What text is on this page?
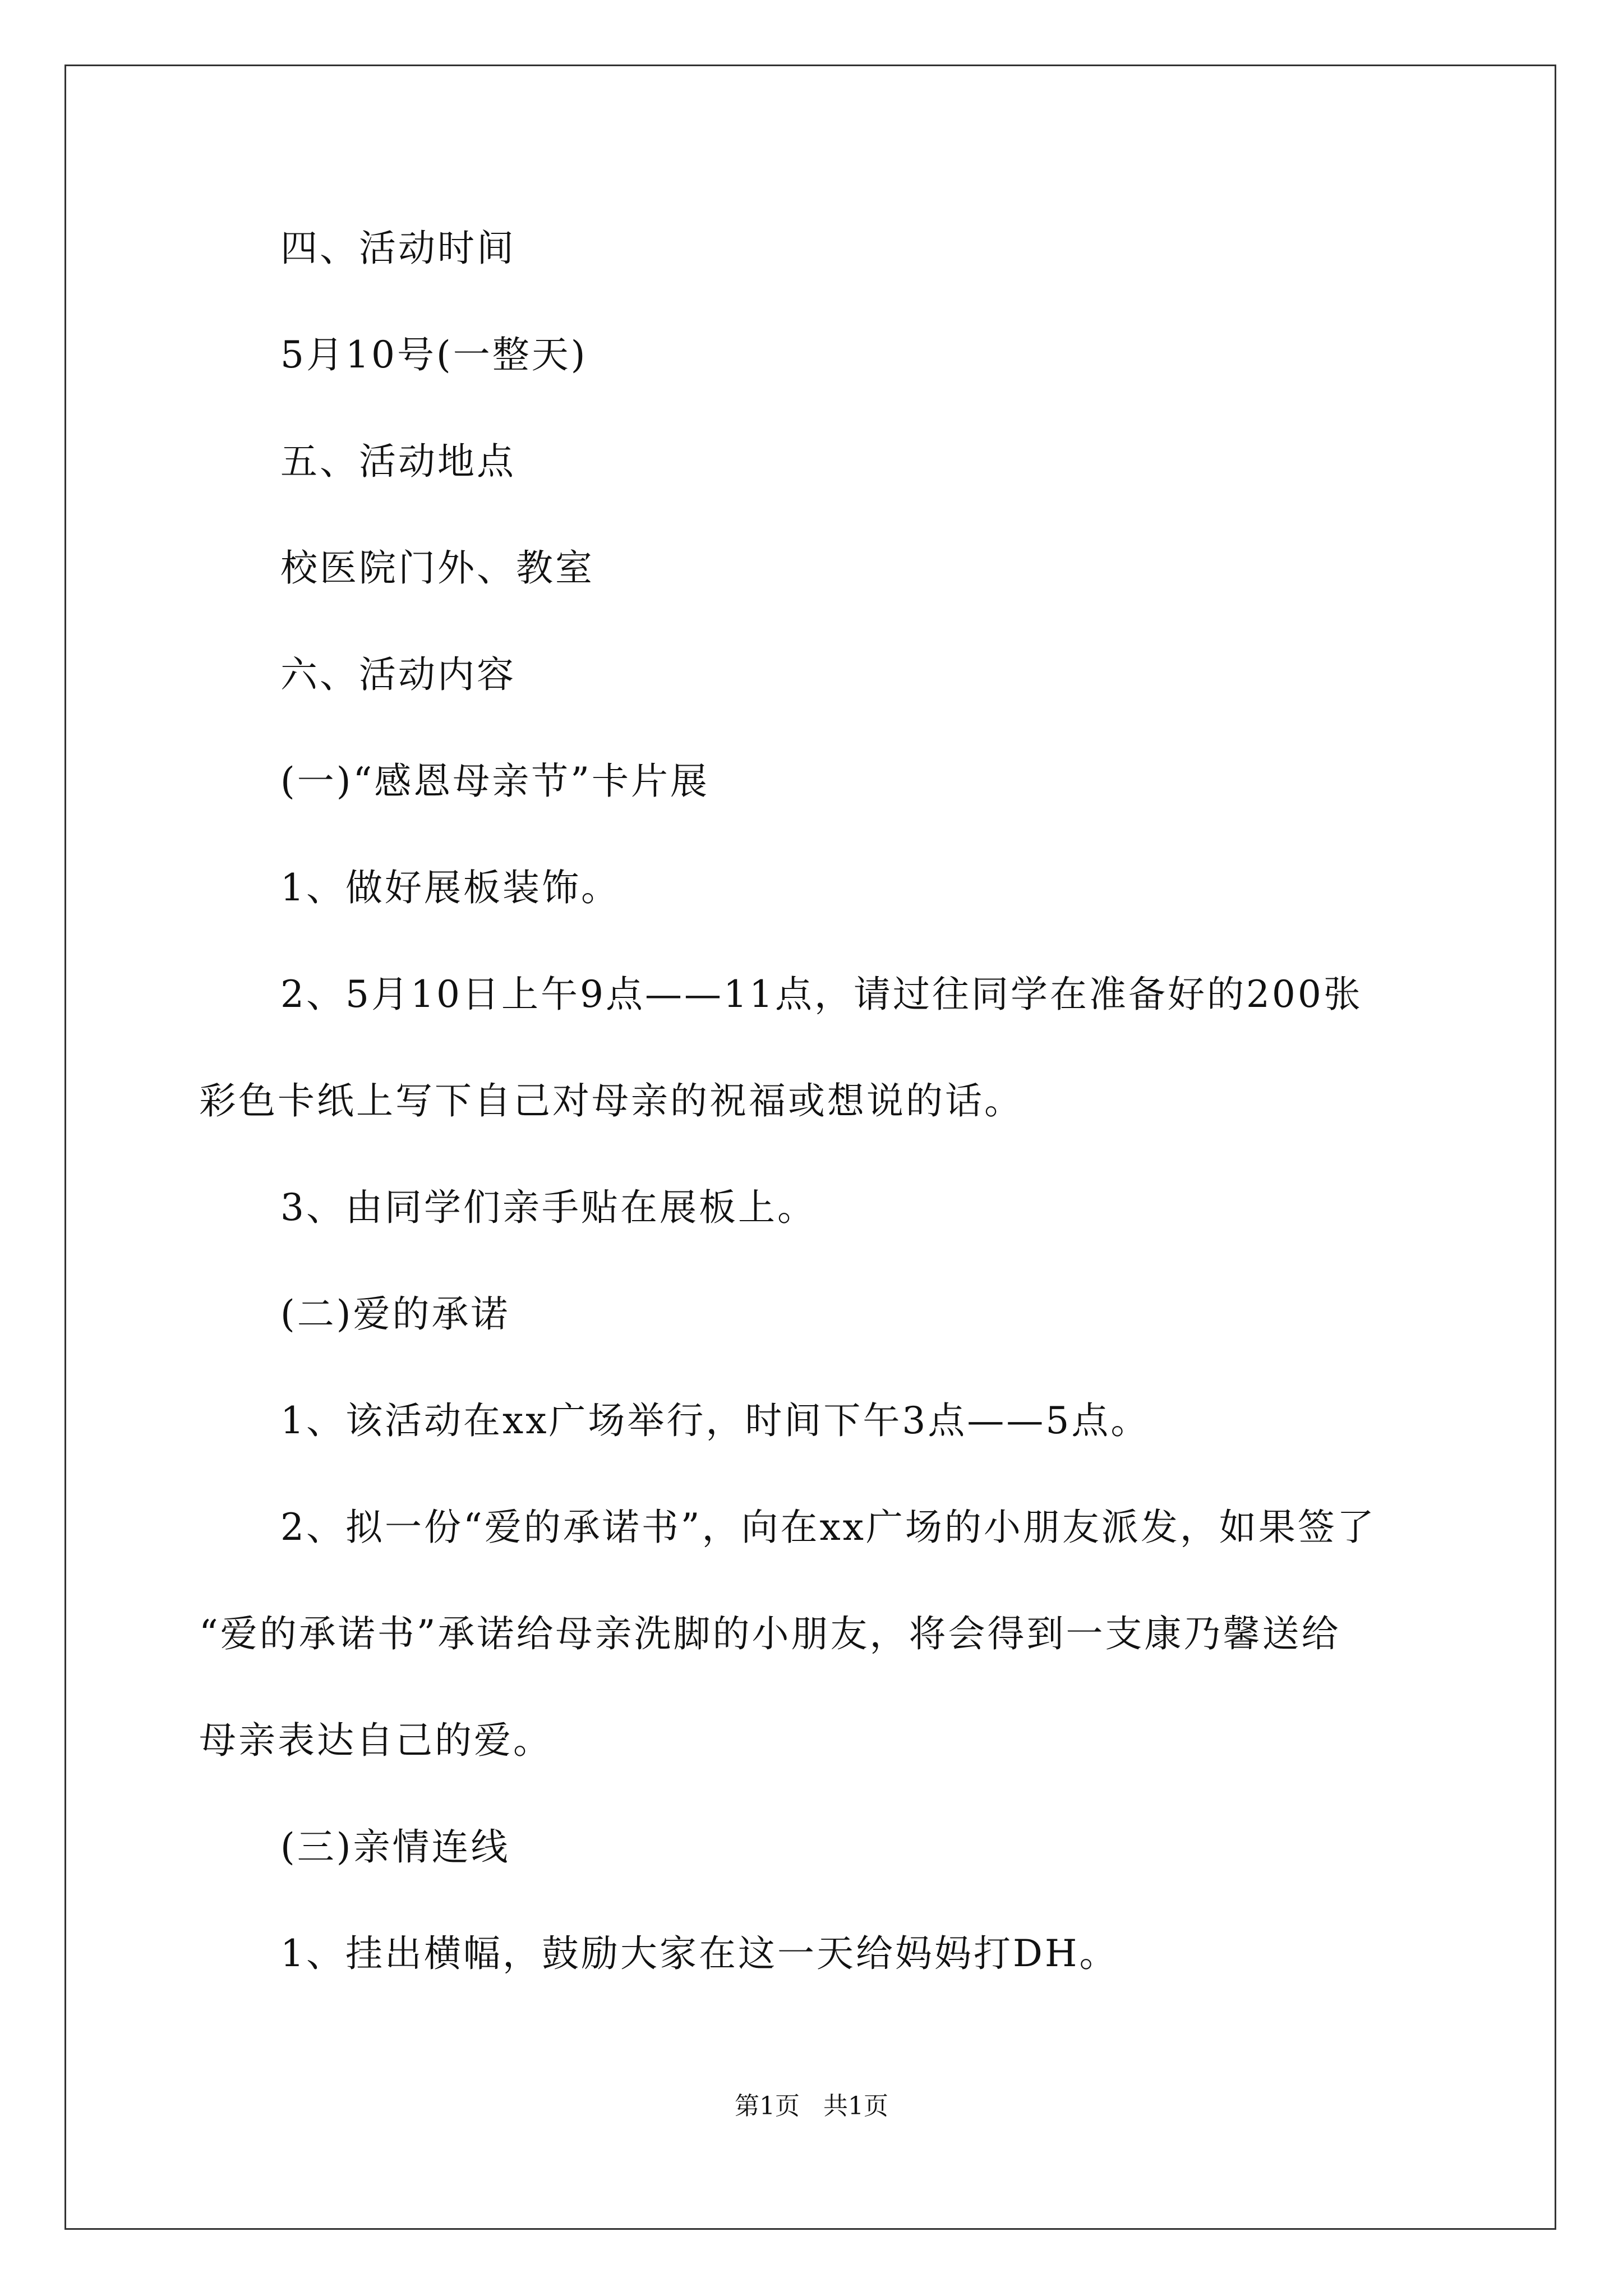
四、活动时间
5月10号(一整天)
五、活动地点
校医院门外、教室
六、活动内容
(一)“感恩母亲节”卡片展
1、做好展板装饰。
2、5月10日上午9点——11点，请过往同学在准备好的200张
彩色卡纸上写下自己对母亲的祝福或想说的话。
3、由同学们亲手贴在展板上。
(二)爱的承诺
1、该活动在xx广场举行，时间下午3点——5点。
2、拟一份“爱的承诺书”，向在xx广场的小朋友派发，如果签了
“爱的承诺书”承诺给母亲洗脚的小朋友，将会得到一支康乃馨送给
母亲表达自己的爱。
(三)亲情连线
1、挂出横幅，鼓励大家在这一天给妈妈打DH。
第1页   共1页
